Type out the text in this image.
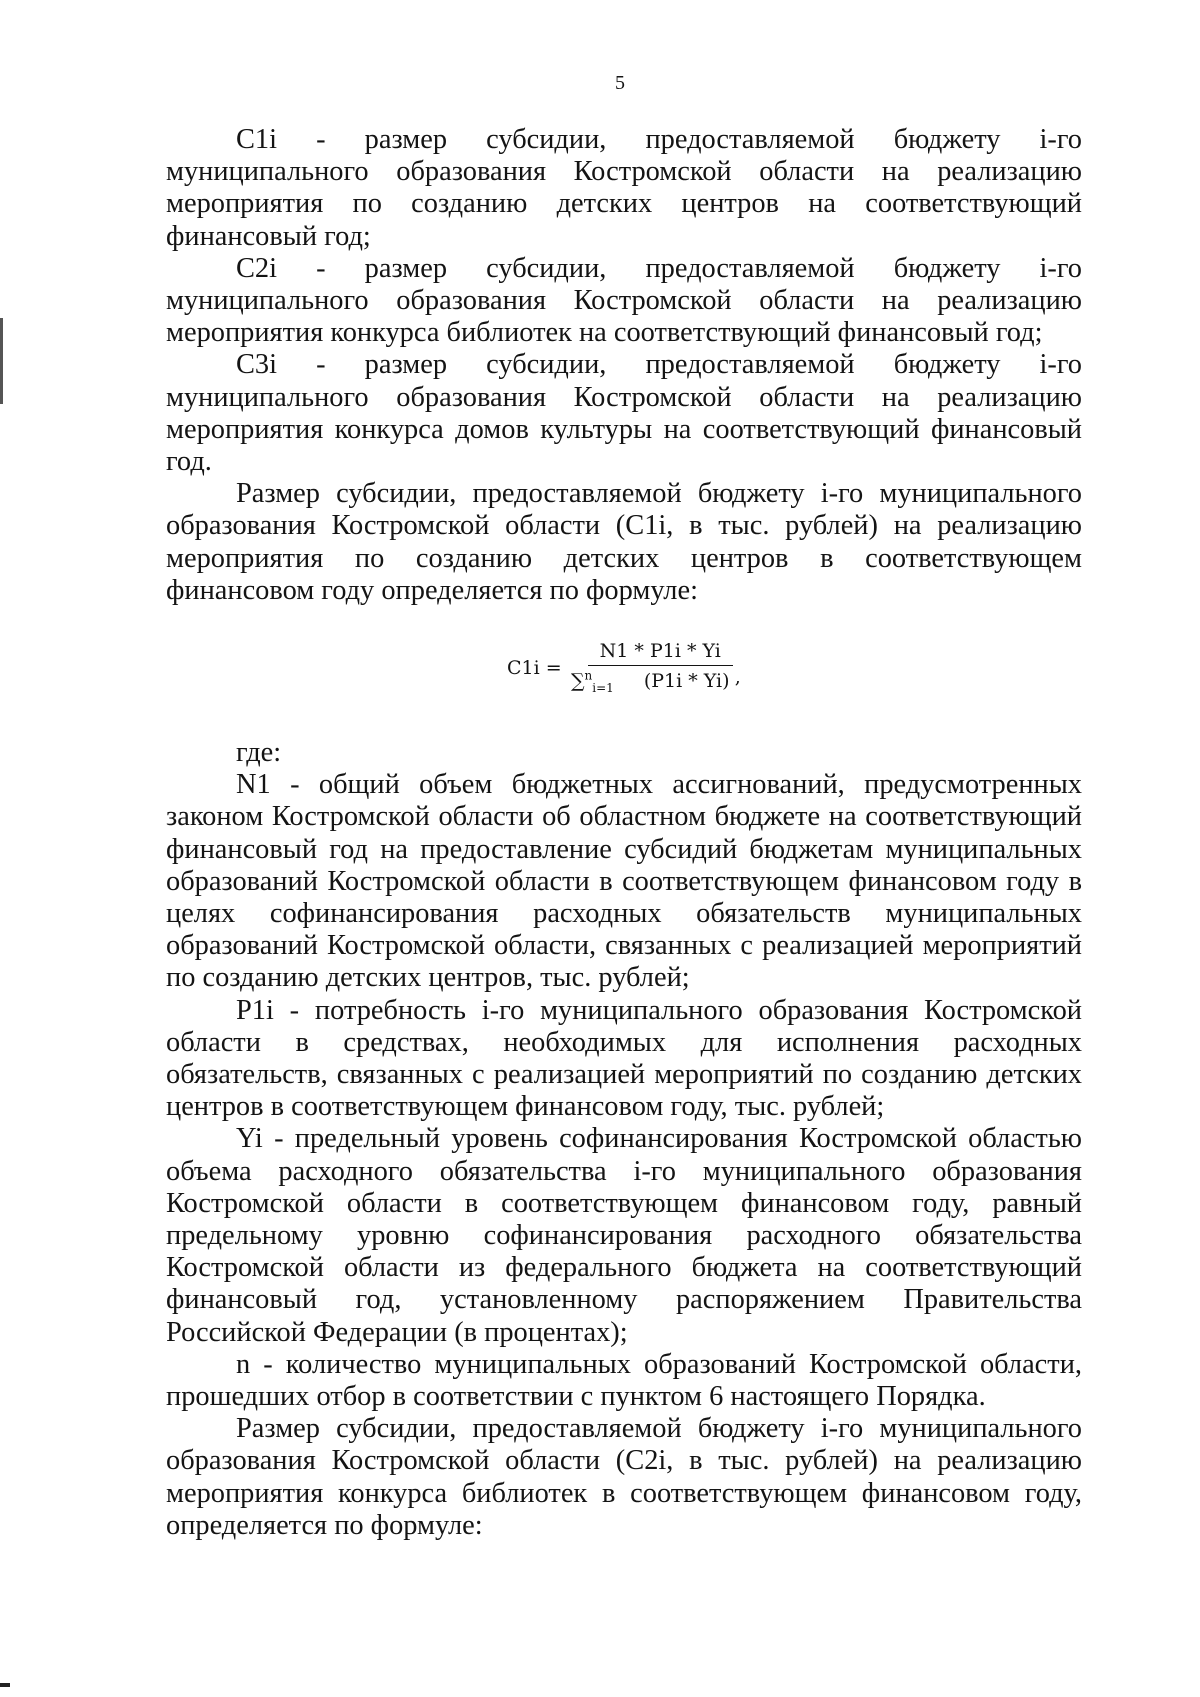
5

C1i - размер субсидии, предоставляемой бюджету i-го муниципального образования Костромской области на реализацию мероприятия по созданию детских центров на соответствующий финансовый год;

C2i - размер субсидии, предоставляемой бюджету i-го муниципального образования Костромской области на реализацию мероприятия конкурса библиотек на соответствующий финансовый год;

C3i - размер субсидии, предоставляемой бюджету i-го муниципального образования Костромской области на реализацию мероприятия конкурса домов культуры на соответствующий финансовый год.

Размер субсидии, предоставляемой бюджету i-го муниципального образования Костромской области (C1i, в тыс. рублей) на реализацию мероприятия по созданию детских центров в соответствующем финансовом году определяется по формуле:

$C1i = \frac{N1 * P1i * Yi}{\sum^n_{i=1} (P1i * Yi)}$ ,

где:

N1 - общий объем бюджетных ассигнований, предусмотренных законом Костромской области об областном бюджете на соответствующий финансовый год на предоставление субсидий бюджетам муниципальных образований Костромской области в соответствующем финансовом году в целях софинансирования расходных обязательств муниципальных образований Костромской области, связанных с реализацией мероприятий по созданию детских центров, тыс. рублей;

P1i - потребность i-го муниципального образования Костромской области в средствах, необходимых для исполнения расходных обязательств, связанных с реализацией мероприятий по созданию детских центров в соответствующем финансовом году, тыс. рублей;

Yi - предельный уровень софинансирования Костромской областью объема расходного обязательства i-го муниципального образования Костромской области в соответствующем финансовом году, равный предельному уровню софинансирования расходного обязательства Костромской области из федерального бюджета на соответствующий финансовый год, установленному распоряжением Правительства Российской Федерации (в процентах);

n - количество муниципальных образований Костромской области, прошедших отбор в соответствии с пунктом 6 настоящего Порядка.

Размер субсидии, предоставляемой бюджету i-го муниципального образования Костромской области (C2i, в тыс. рублей) на реализацию мероприятия конкурса библиотек в соответствующем финансовом году, определяется по формуле:
